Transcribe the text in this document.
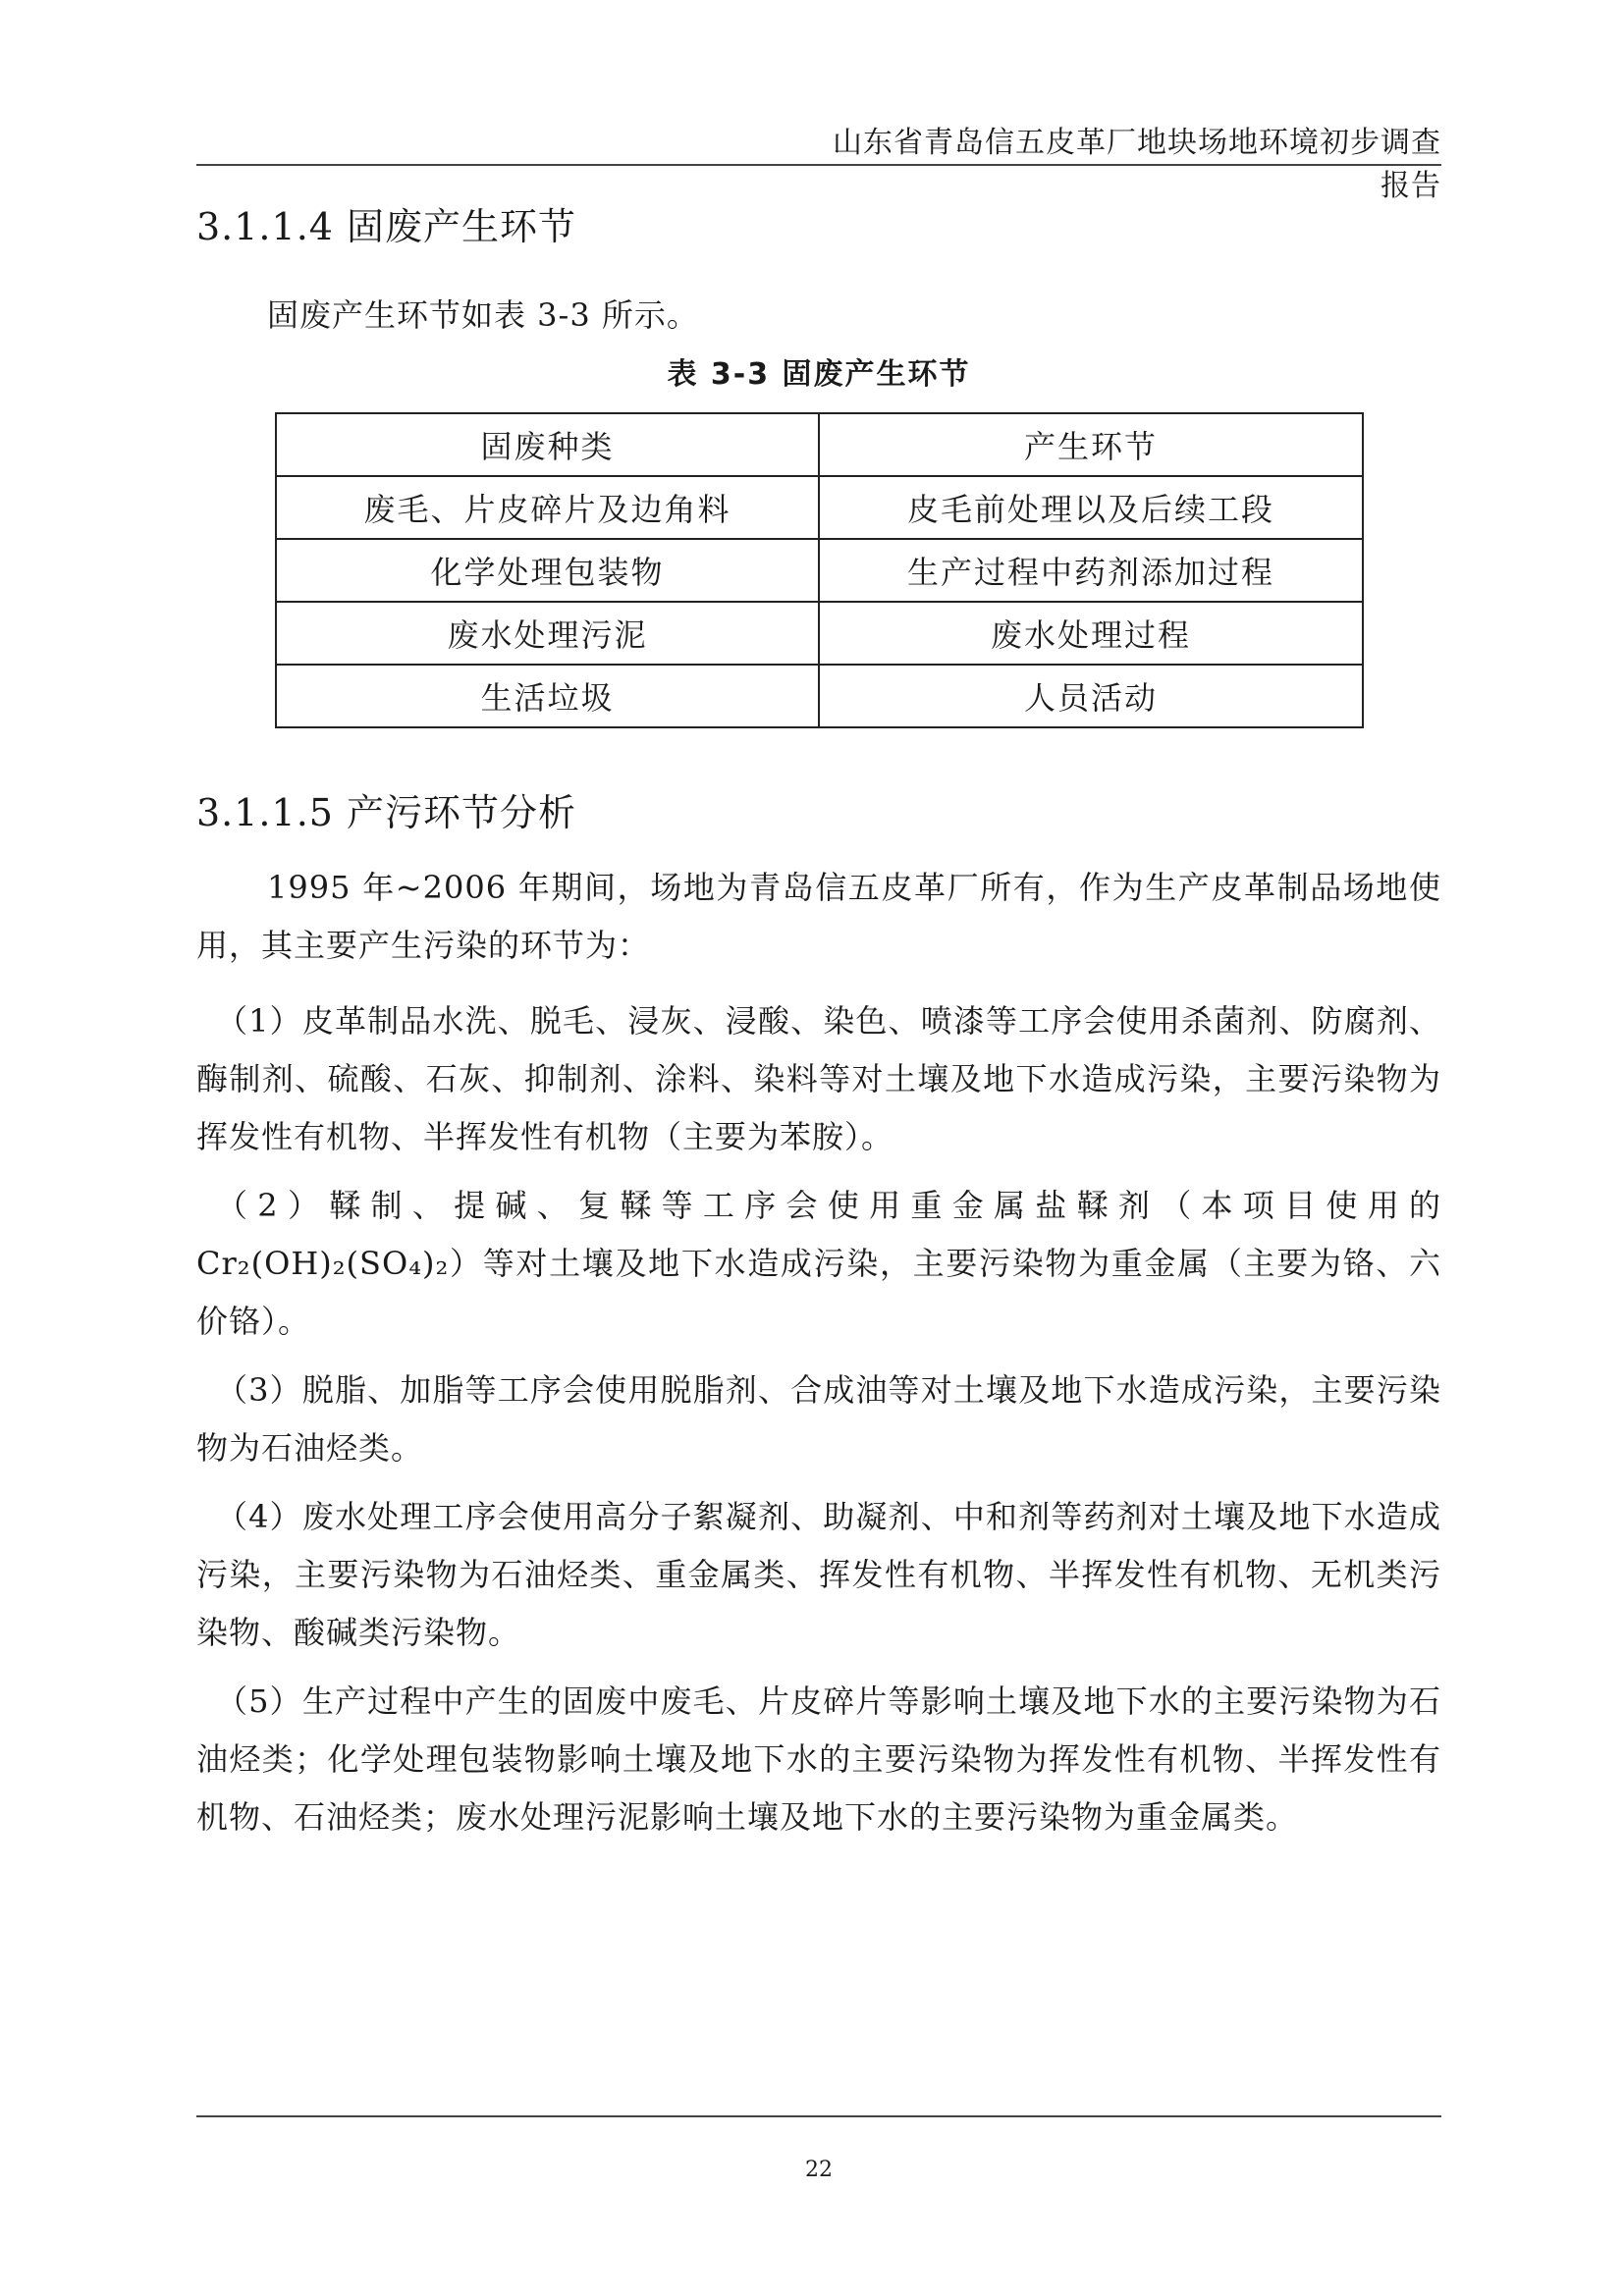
山东省青岛信五皮革厂地块场地环境初步调查报告
3.1.1.4 固废产生环节
固废产生环节如表 3-3 所示。
表 3-3 固废产生环节
固废种类	产生环节
废毛、片皮碎片及边角料	皮毛前处理以及后续工段
化学处理包装物	生产过程中药剂添加过程
废水处理污泥	废水处理过程
生活垃圾	人员活动
3.1.1.5 产污环节分析

1995 年~2006 年期间，场地为青岛信五皮革厂所有，作为生产皮革制品场地使用，其主要产生污染的环节为：

（1）皮革制品水洗、脱毛、浸灰、浸酸、染色、喷漆等工序会使用杀菌剂、防腐剂、酶制剂、硫酸、石灰、抑制剂、涂料、染料等对土壤及地下水造成污染，主要污染物为挥发性有机物、半挥发性有机物（主要为苯胺）。

（2）鞣制、提碱、复鞣等工序会使用重金属盐鞣剂（本项目使用的 Cr₂(OH)₂(SO₄)₂）等对土壤及地下水造成污染，主要污染物为重金属（主要为铬、六价铬）。

（3）脱脂、加脂等工序会使用脱脂剂、合成油等对土壤及地下水造成污染，主要污染物为石油烃类。

（4）废水处理工序会使用高分子絮凝剂、助凝剂、中和剂等药剂对土壤及地下水造成污染，主要污染物为石油烃类、重金属类、挥发性有机物、半挥发性有机物、无机类污染物、酸碱类污染物。

（5）生产过程中产生的固废中废毛、片皮碎片等影响土壤及地下水的主要污染物为石油烃类；化学处理包装物影响土壤及地下水的主要污染物为挥发性有机物、半挥发性有机物、石油烃类；废水处理污泥影响土壤及地下水的主要污染物为重金属类。

22
